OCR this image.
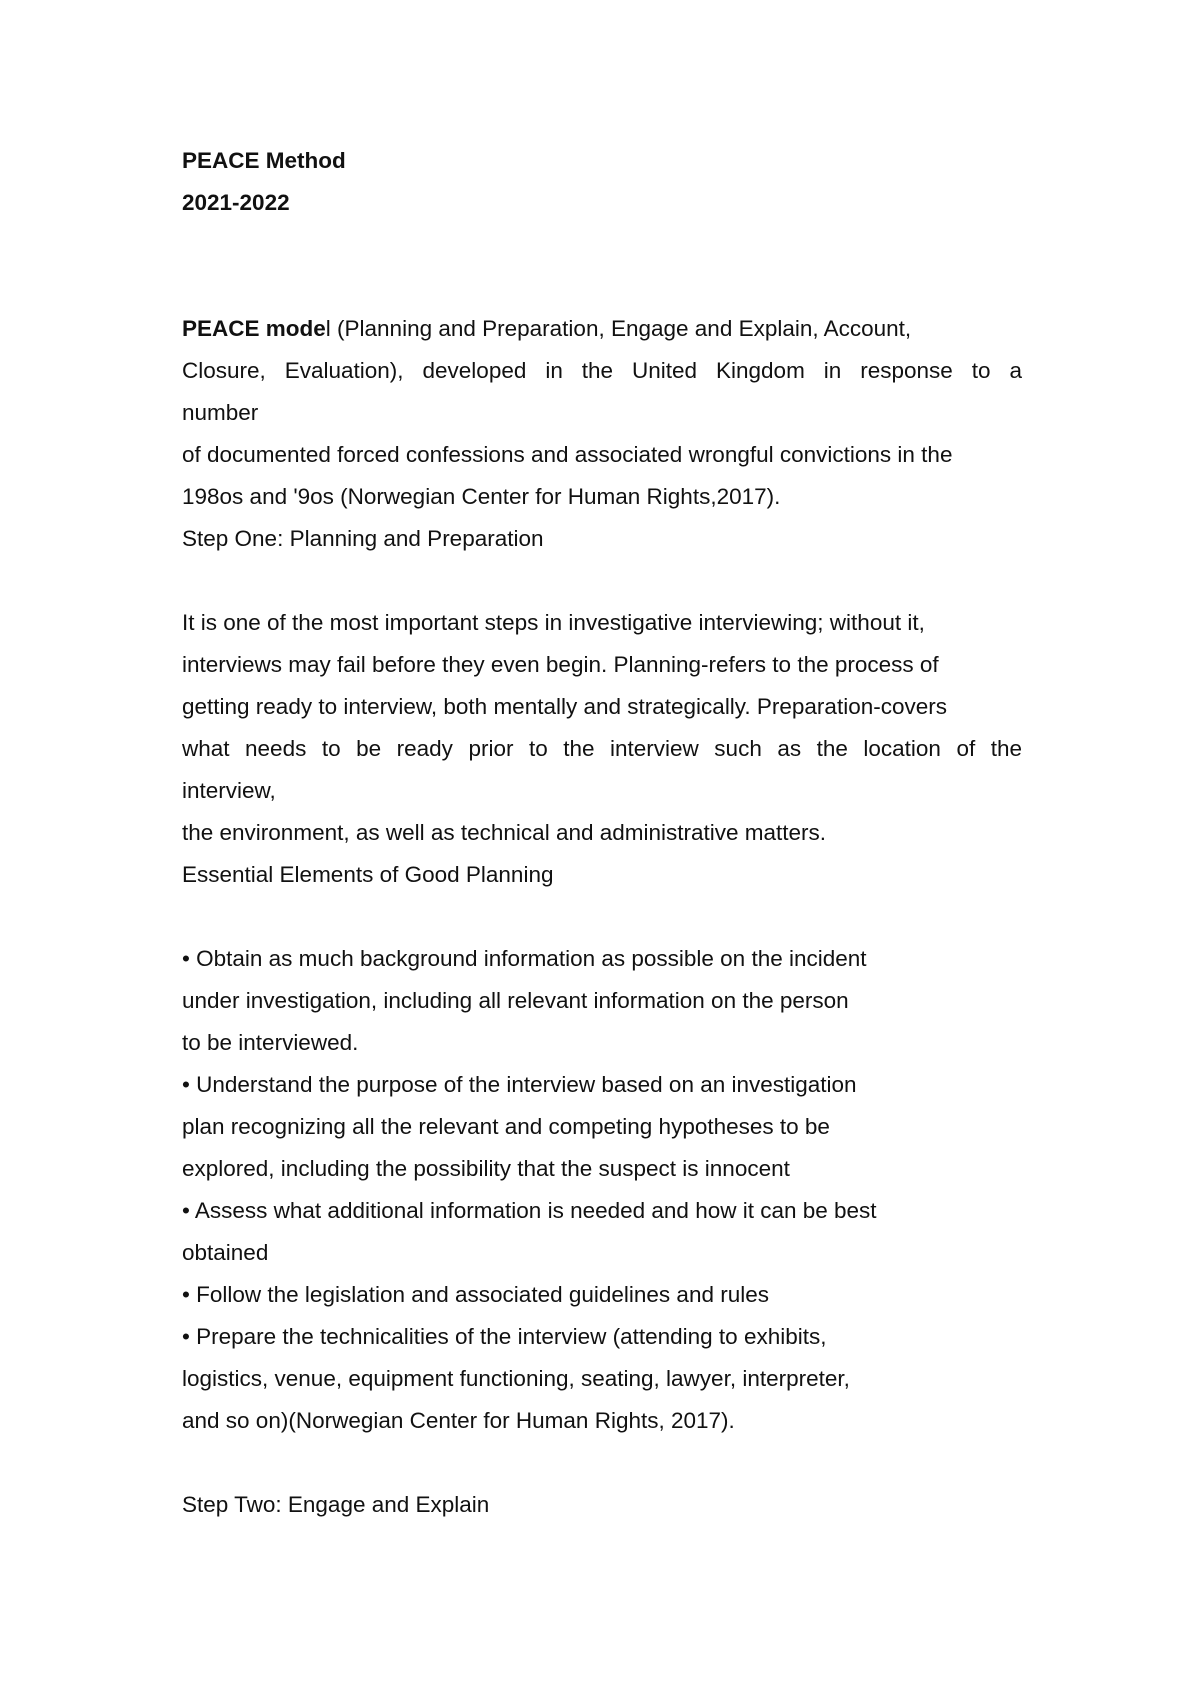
PEACE Method
2021-2022
PEACE model (Planning and Preparation, Engage and Explain, Account,
Closure, Evaluation), developed in the United Kingdom in response to a
number
of documented forced confessions and associated wrongful convictions in the
198os and '9os (Norwegian Center for Human Rights,2017).
Step One: Planning and Preparation
It is one of the most important steps in investigative interviewing; without it,
interviews may fail before they even begin. Planning-refers to the process of
getting ready to interview, both mentally and strategically. Preparation-covers
what needs to be ready prior to the interview such as the location of the
interview,
the environment, as well as technical and administrative matters.
Essential Elements of Good Planning
• Obtain as much background information as possible on the incident
under investigation, including all relevant information on the person
to be interviewed.
• Understand the purpose of the interview based on an investigation
plan recognizing all the relevant and competing hypotheses to be
explored, including the possibility that the suspect is innocent
• Assess what additional information is needed and how it can be best
obtained
• Follow the legislation and associated guidelines and rules
• Prepare the technicalities of the interview (attending to exhibits,
logistics, venue, equipment functioning, seating, lawyer, interpreter,
and so on)(Norwegian Center for Human Rights, 2017).
Step Two: Engage and Explain
